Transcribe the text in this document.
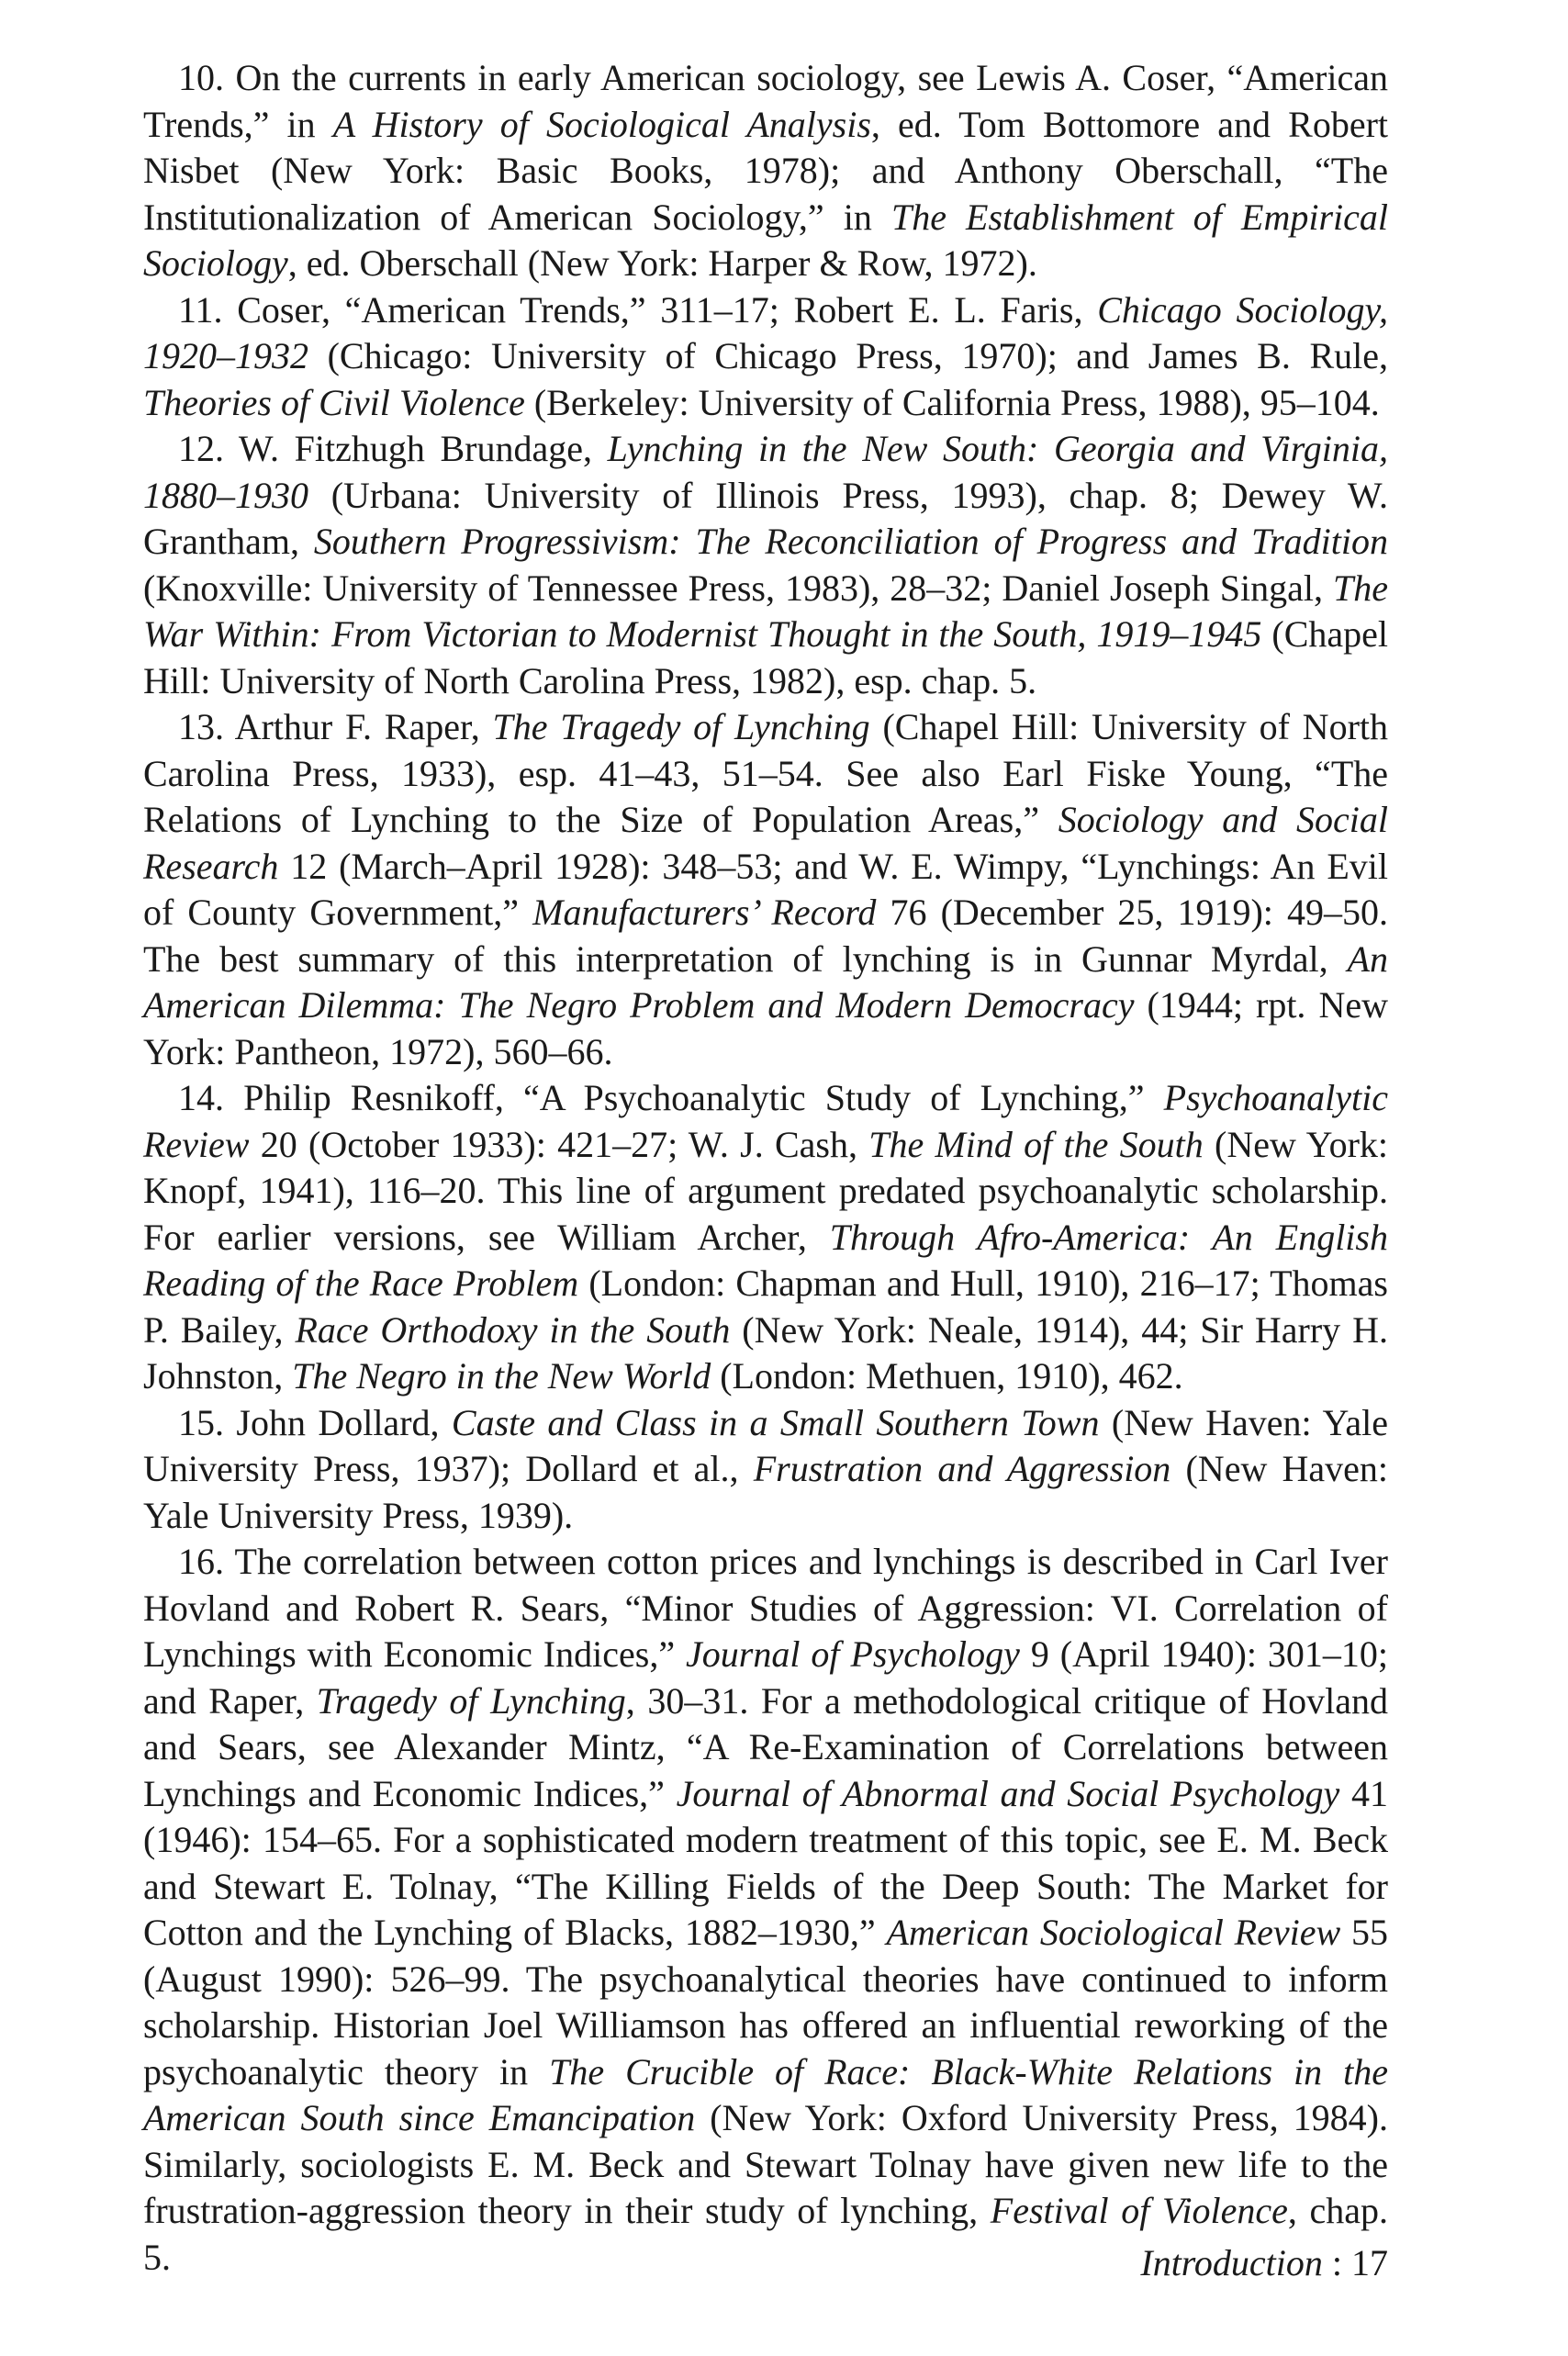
10. On the currents in early American sociology, see Lewis A. Coser, “American Trends,” in A History of Sociological Analysis, ed. Tom Bottomore and Robert Nisbet (New York: Basic Books, 1978); and Anthony Oberschall, “The Institutionalization of American Sociology,” in The Establishment of Empirical Sociology, ed. Oberschall (New York: Harper & Row, 1972).

11. Coser, “American Trends,” 311–17; Robert E. L. Faris, Chicago Sociology, 1920–1932 (Chicago: University of Chicago Press, 1970); and James B. Rule, Theories of Civil Violence (Berkeley: University of California Press, 1988), 95–104.

12. W. Fitzhugh Brundage, Lynching in the New South: Georgia and Virginia, 1880–1930 (Urbana: University of Illinois Press, 1993), chap. 8; Dewey W. Grantham, Southern Progressivism: The Reconciliation of Progress and Tradition (Knoxville: University of Tennessee Press, 1983), 28–32; Daniel Joseph Singal, The War Within: From Victorian to Modernist Thought in the South, 1919–1945 (Chapel Hill: University of North Carolina Press, 1982), esp. chap. 5.

13. Arthur F. Raper, The Tragedy of Lynching (Chapel Hill: University of North Carolina Press, 1933), esp. 41–43, 51–54. See also Earl Fiske Young, “The Relations of Lynching to the Size of Population Areas,” Sociology and Social Research 12 (March–April 1928): 348–53; and W. E. Wimpy, “Lynchings: An Evil of County Government,” Manufacturers’ Record 76 (December 25, 1919): 49–50. The best summary of this interpretation of lynching is in Gunnar Myrdal, An American Dilemma: The Negro Problem and Modern Democracy (1944; rpt. New York: Pantheon, 1972), 560–66.

14. Philip Resnikoff, “A Psychoanalytic Study of Lynching,” Psychoanalytic Review 20 (October 1933): 421–27; W. J. Cash, The Mind of the South (New York: Knopf, 1941), 116–20. This line of argument predated psychoanalytic scholarship. For earlier versions, see William Archer, Through Afro-America: An English Reading of the Race Problem (London: Chapman and Hull, 1910), 216–17; Thomas P. Bailey, Race Orthodoxy in the South (New York: Neale, 1914), 44; Sir Harry H. Johnston, The Negro in the New World (London: Methuen, 1910), 462.

15. John Dollard, Caste and Class in a Small Southern Town (New Haven: Yale University Press, 1937); Dollard et al., Frustration and Aggression (New Haven: Yale University Press, 1939).

16. The correlation between cotton prices and lynchings is described in Carl Iver Hovland and Robert R. Sears, “Minor Studies of Aggression: VI. Correlation of Lynchings with Economic Indices,” Journal of Psychology 9 (April 1940): 301–10; and Raper, Tragedy of Lynching, 30–31. For a methodological critique of Hovland and Sears, see Alexander Mintz, “A Re-Examination of Correlations between Lynchings and Economic Indices,” Journal of Abnormal and Social Psychology 41 (1946): 154–65. For a sophisticated modern treatment of this topic, see E. M. Beck and Stewart E. Tolnay, “The Killing Fields of the Deep South: The Market for Cotton and the Lynching of Blacks, 1882–1930,” American Sociological Review 55 (August 1990): 526–99. The psychoanalytical theories have continued to inform scholarship. Historian Joel Williamson has offered an influential reworking of the psychoanalytic theory in The Crucible of Race: Black-White Relations in the American South since Emancipation (New York: Oxford University Press, 1984). Similarly, sociologists E. M. Beck and Stewart Tolnay have given new life to the frustration-aggression theory in their study of lynching, Festival of Violence, chap. 5.	Introduction : 17
